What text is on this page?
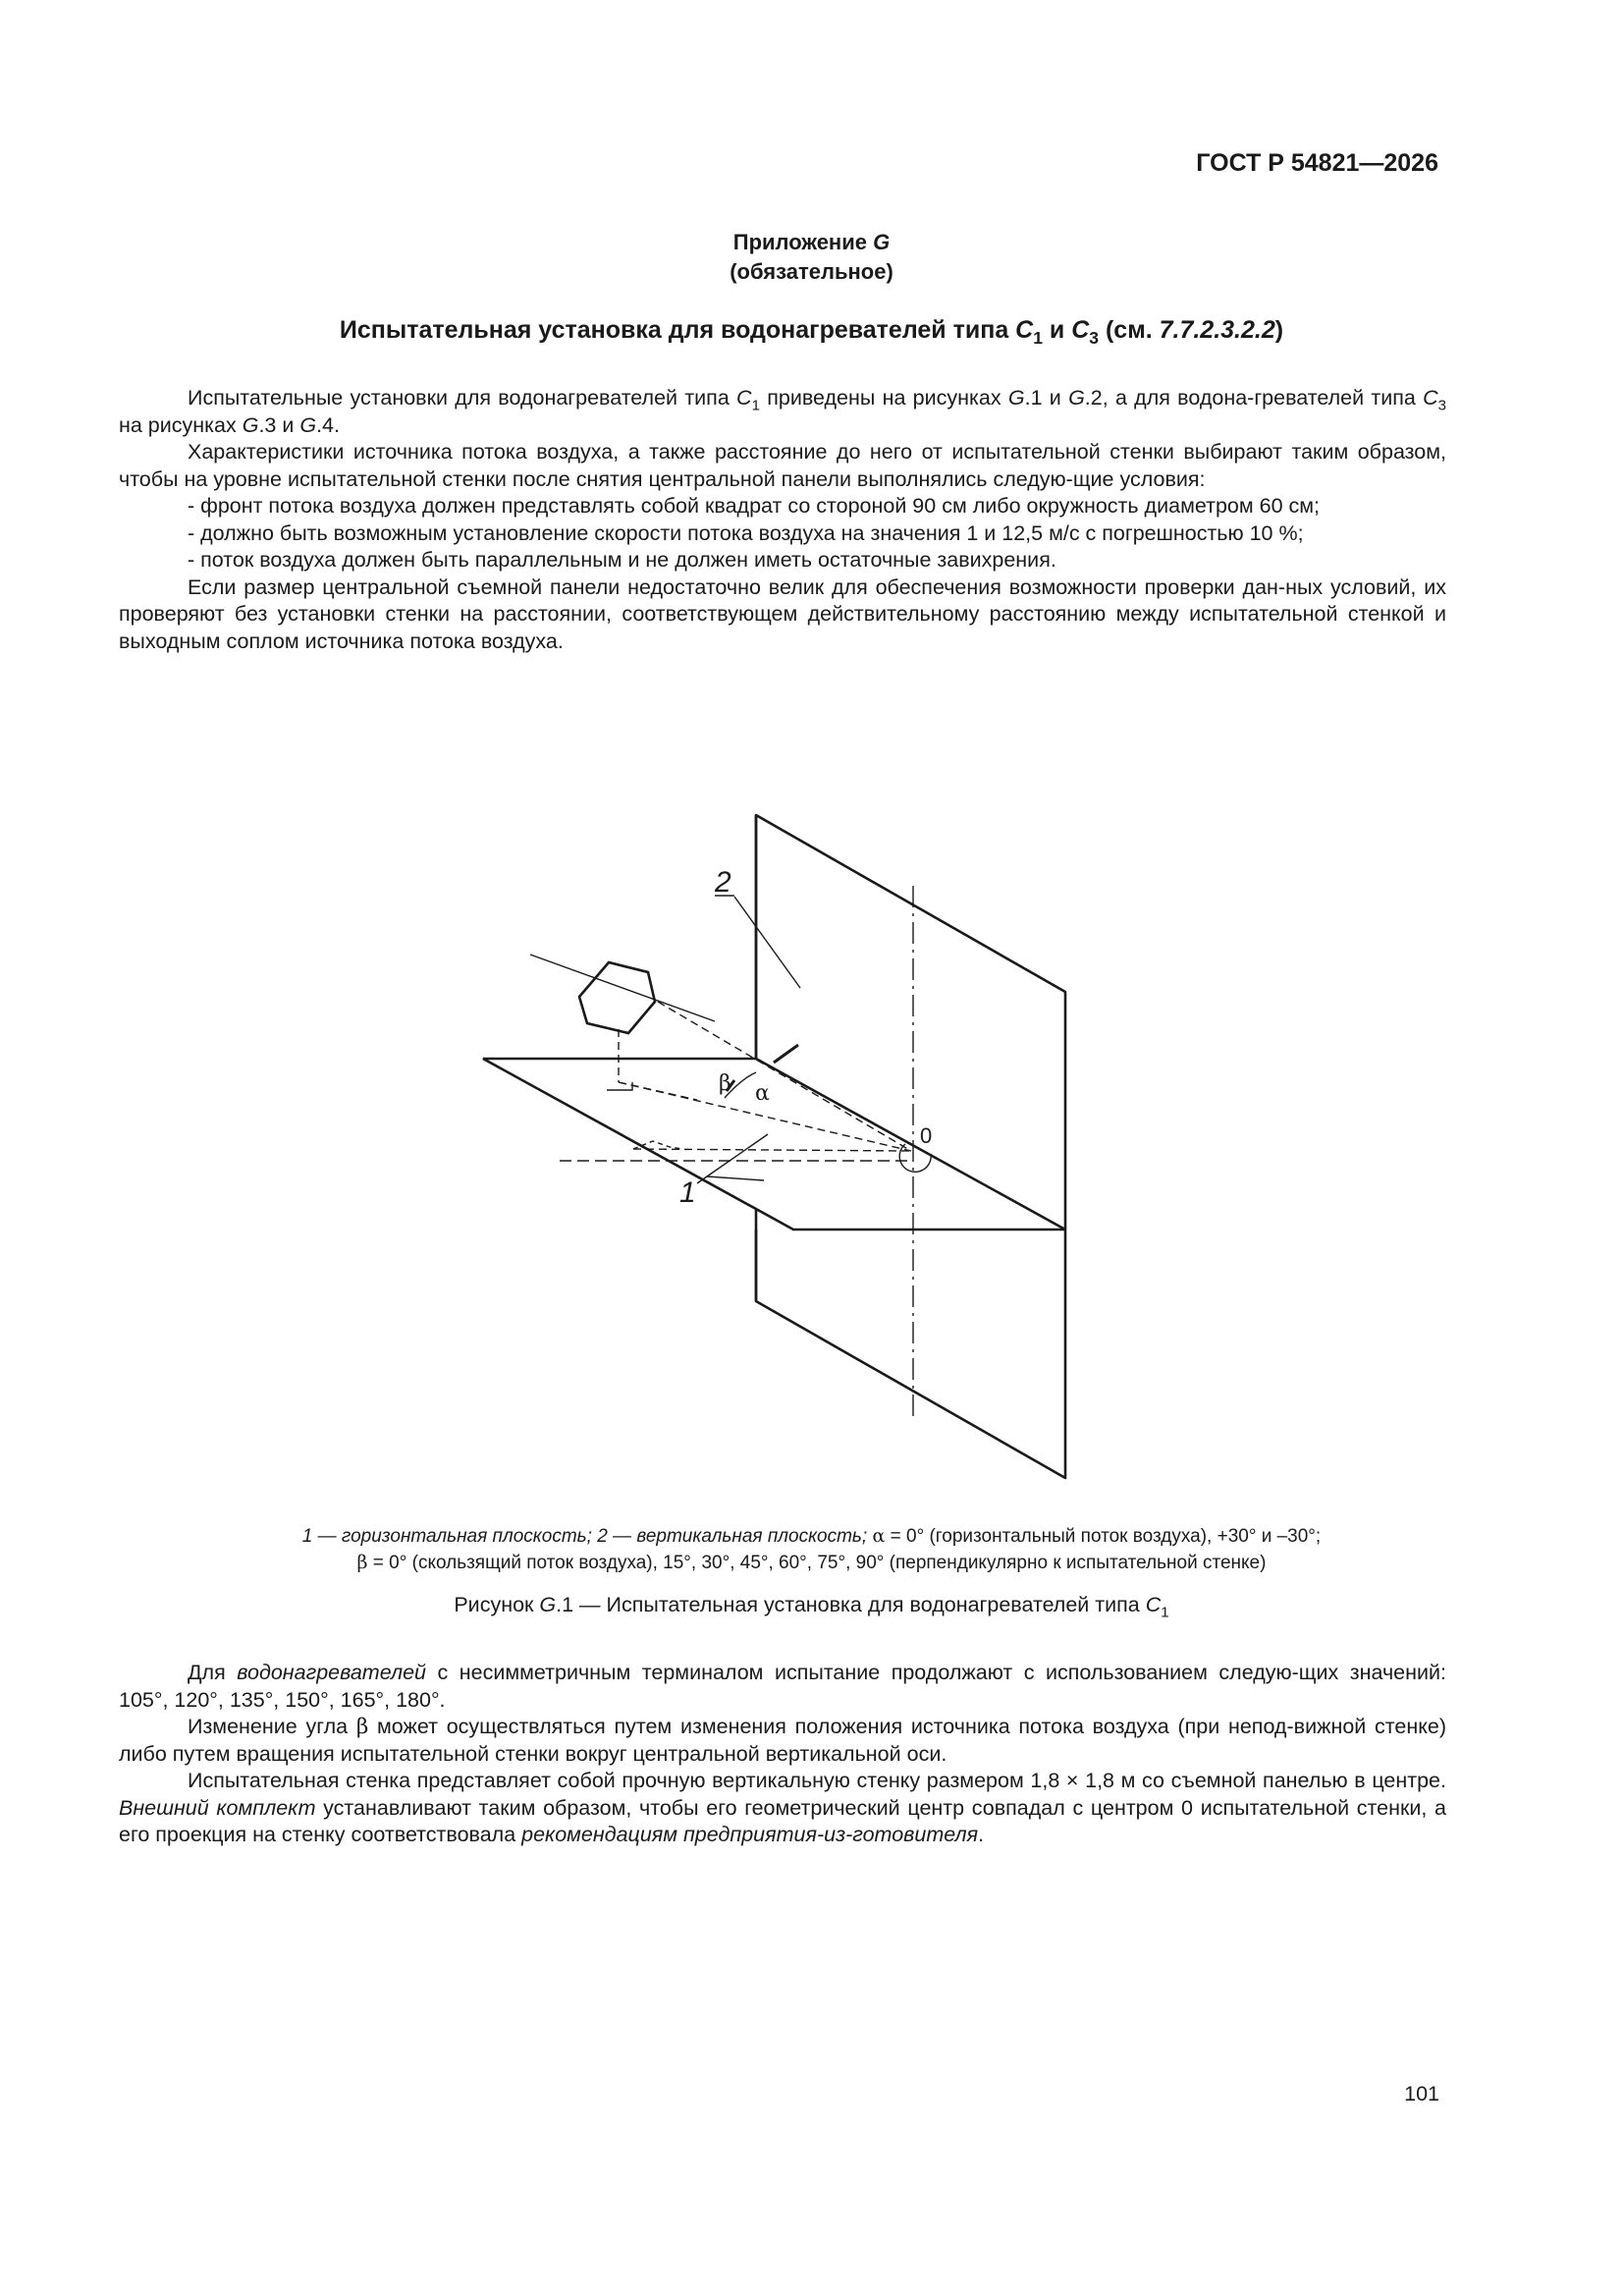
ГОСТ Р 54821—2026
Приложение G
(обязательное)
Испытательная установка для водонагревателей типа $C_1$ и $C_3$ (см. 7.7.2.3.2.2)

Испытательные установки для водонагревателей типа $C_1$ приведены на рисунках G.1 и G.2, а для водона-гревателей типа $C_3$ на рисунках G.3 и G.4.

Характеристики источника потока воздуха, а также расстояние до него от испытательной стенки выбирают таким образом, чтобы на уровне испытательной стенки после снятия центральной панели выполнялись следую-щие условия:

- фронт потока воздуха должен представлять собой квадрат со стороной 90 см либо окружность диаметром 60 см;

- должно быть возможным установление скорости потока воздуха на значения 1 и 12,5 м/с с погрешностью 10 %;

- поток воздуха должен быть параллельным и не должен иметь остаточные завихрения.

Если размер центральной съемной панели недостаточно велик для обеспечения возможности проверки дан-ных условий, их проверяют без установки стенки на расстоянии, соответствующем действительному расстоянию между испытательной стенкой и выходным соплом источника потока воздуха.

2
1
0
α
β
1 — горизонтальная плоскость; 2 — вертикальная плоскость; α = 0° (горизонтальный поток воздуха), +30° и –30°;
β = 0° (скользящий поток воздуха), 15°, 30°, 45°, 60°, 75°, 90° (перпендикулярно к испытательной стенке)
Рисунок G.1 — Испытательная установка для водонагревателей типа $C_1$

Для водонагревателей с несимметричным терминалом испытание продолжают с использованием следую-щих значений: 105°, 120°, 135°, 150°, 165°, 180°.

Изменение угла β может осуществляться путем изменения положения источника потока воздуха (при непод-вижной стенке) либо путем вращения испытательной стенки вокруг центральной вертикальной оси.

Испытательная стенка представляет собой прочную вертикальную стенку размером 1,8 × 1,8 м со съемной панелью в центре. Внешний комплект устанавливают таким образом, чтобы его геометрический центр совпадал с центром 0 испытательной стенки, а его проекция на стенку соответствовала рекомендациям предприятия-из-готовителя.

101
